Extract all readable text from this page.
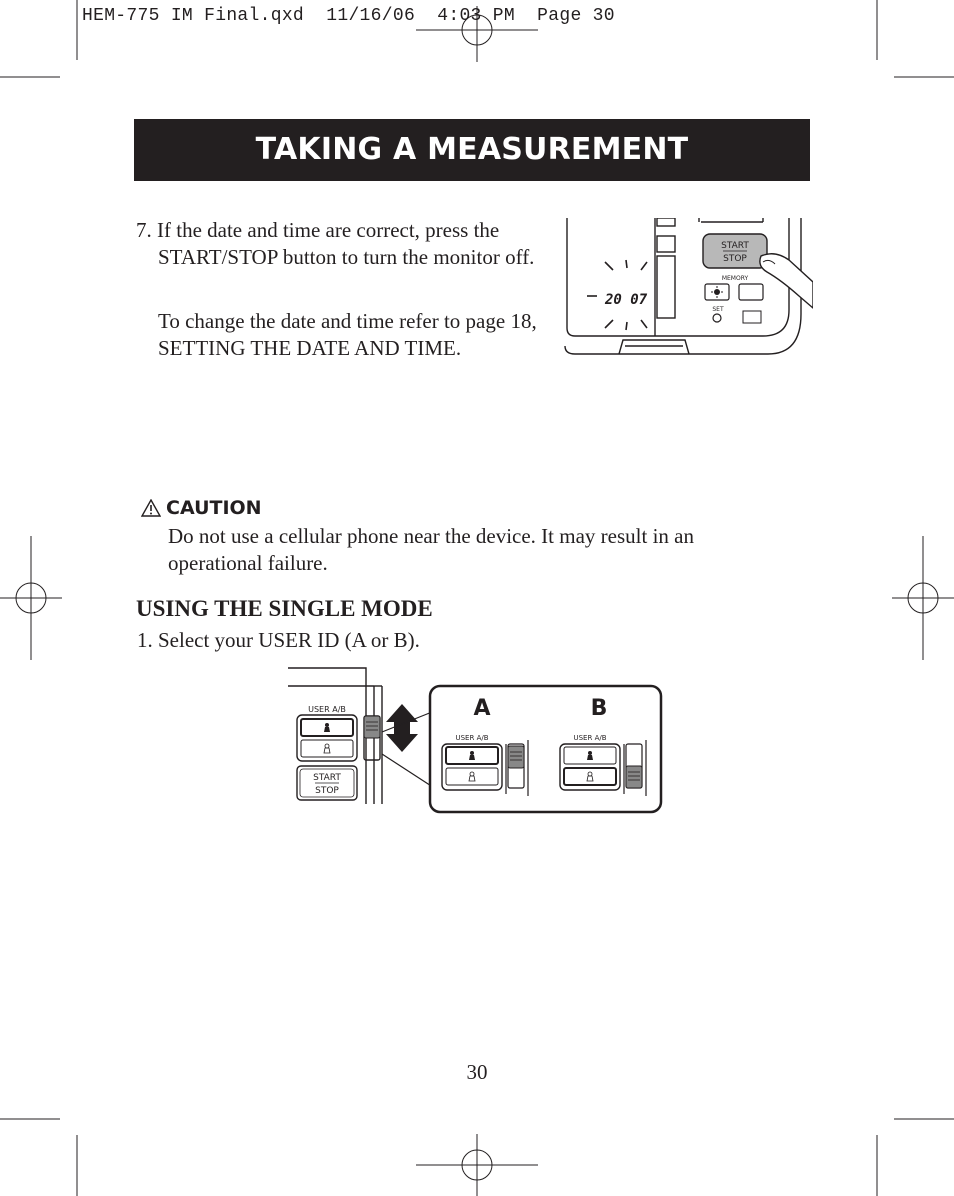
HEM-775 IM Final.qxd  11/16/06  4:03 PM  Page 30
TAKING A MEASUREMENT
7. If the date and time are correct, press the START/STOP button to turn the monitor off.
To change the date and time refer to page 18, SETTING THE DATE AND TIME.
20 07
START
STOP
MEMORY
SET
CAUTION
Do not use a cellular phone near the device. It may result in an operational failure.
USING THE SINGLE MODE
1. Select your USER ID (A or B).
USER A/B
START
STOP
A	B
USER A/B	USER A/B
30
